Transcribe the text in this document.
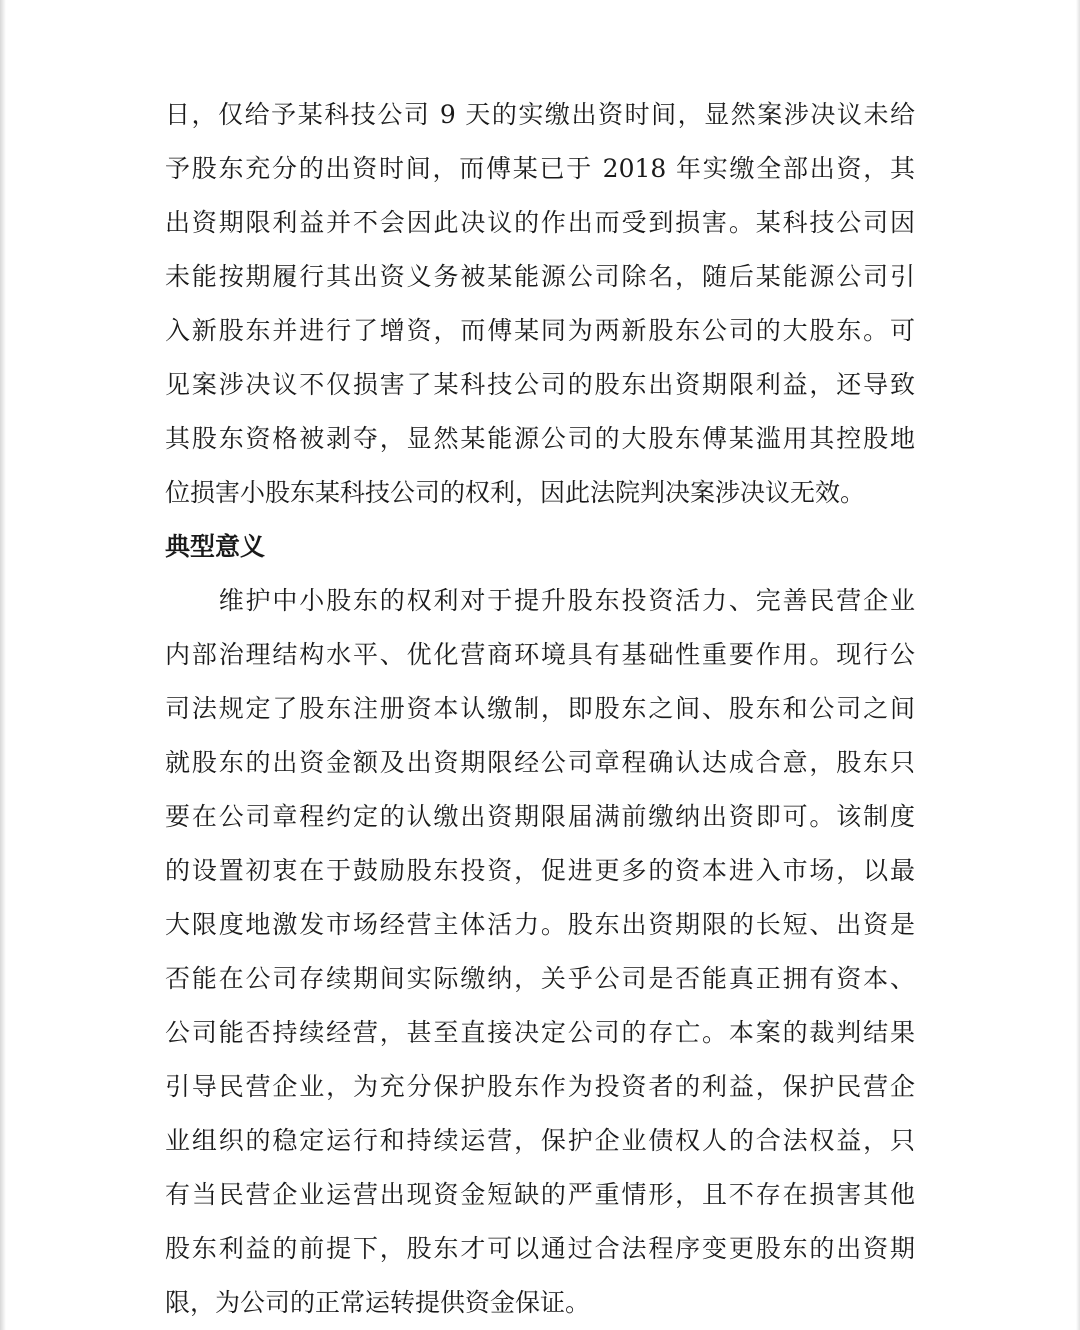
日，仅给予某科技公司 9 天的实缴出资时间，显然案涉决议未给
予股东充分的出资时间，而傅某已于 2018 年实缴全部出资，其
出资期限利益并不会因此决议的作出而受到损害。某科技公司因
未能按期履行其出资义务被某能源公司除名，随后某能源公司引
入新股东并进行了增资，而傅某同为两新股东公司的大股东。可
见案涉决议不仅损害了某科技公司的股东出资期限利益，还导致
其股东资格被剥夺，显然某能源公司的大股东傅某滥用其控股地
位损害小股东某科技公司的权利，因此法院判决案涉决议无效。
典型意义
　　维护中小股东的权利对于提升股东投资活力、完善民营企业
内部治理结构水平、优化营商环境具有基础性重要作用。现行公
司法规定了股东注册资本认缴制，即股东之间、股东和公司之间
就股东的出资金额及出资期限经公司章程确认达成合意，股东只
要在公司章程约定的认缴出资期限届满前缴纳出资即可。该制度
的设置初衷在于鼓励股东投资，促进更多的资本进入市场，以最
大限度地激发市场经营主体活力。股东出资期限的长短、出资是
否能在公司存续期间实际缴纳，关乎公司是否能真正拥有资本、
公司能否持续经营，甚至直接决定公司的存亡。本案的裁判结果
引导民营企业，为充分保护股东作为投资者的利益，保护民营企
业组织的稳定运行和持续运营，保护企业债权人的合法权益，只
有当民营企业运营出现资金短缺的严重情形，且不存在损害其他
股东利益的前提下，股东才可以通过合法程序变更股东的出资期
限，为公司的正常运转提供资金保证。
